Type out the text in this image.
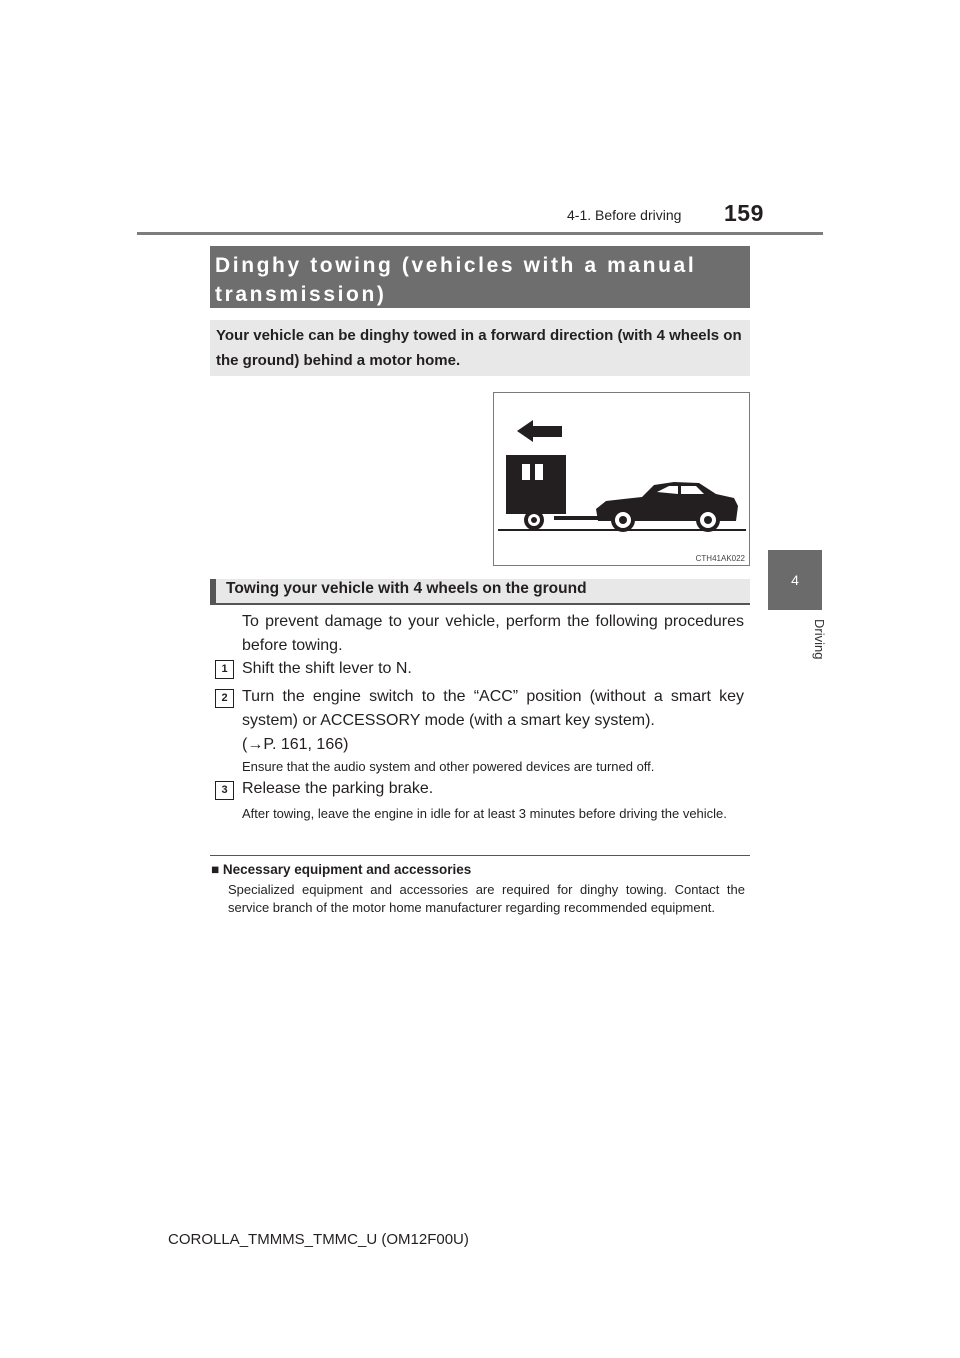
4-1. Before driving 159
4
Driving
Dinghy towing (vehicles with a manual transmission)
Your vehicle can be dinghy towed in a forward direction (with 4 wheels on the ground) behind a motor home.
CTH41AK022
Towing your vehicle with 4 wheels on the ground
To prevent damage to your vehicle, perform the following procedures before towing.
1 Shift the shift lever to N.
2 Turn the engine switch to the “ACC” position (without a smart key system) or ACCESSORY mode (with a smart key system).
(→P. 161, 166)
Ensure that the audio system and other powered devices are turned off.
3 Release the parking brake.
After towing, leave the engine in idle for at least 3 minutes before driving the vehicle.
■ Necessary equipment and accessories
Specialized equipment and accessories are required for dinghy towing. Contact the service branch of the motor home manufacturer regarding recommended equipment.
COROLLA_TMMMS_TMMC_U (OM12F00U)
